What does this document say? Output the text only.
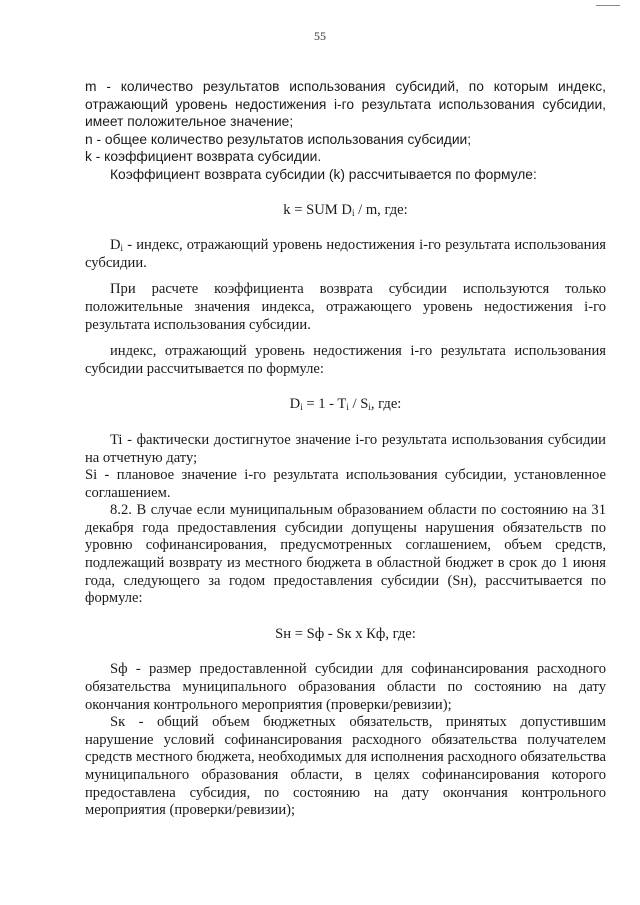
55

m - количество результатов использования субсидий, по которым индекс, отражающий уровень недостижения i-го результата использования субсидии, имеет положительное значение;

n - общее количество результатов использования субсидии;

k - коэффициент возврата субсидии.

Коэффициент возврата субсидии (k) рассчитывается по формуле:

k = SUM $D_i$ / m, где:

$D_i$ - индекс, отражающий уровень недостижения i-го результата использования субсидии.

При расчете коэффициента возврата субсидии используются только положительные значения индекса, отражающего уровень недостижения i-го результата использования субсидии.

индекс, отражающий уровень недостижения i-го результата использования субсидии рассчитывается по формуле:

$D_i = 1 - T_i / S_i$, где:

Ti - фактически достигнутое значение i-го результата использования субсидии на отчетную дату;

Si - плановое значение i-го результата использования субсидии, установленное соглашением.

8.2. В случае если муниципальным образованием области по состоянию на 31 декабря года предоставления субсидии допущены нарушения обязательств по уровню софинансирования, предусмотренных соглашением, объем средств, подлежащий возврату из местного бюджета в областной бюджет в срок до 1 июня года, следующего за годом предоставления субсидии (Sн), рассчитывается по формуле:

Sн = Sф - Sк х Кф, где:

Sф - размер предоставленной субсидии для софинансирования расходного обязательства муниципального образования области по состоянию на дату окончания контрольного мероприятия (проверки/ревизии);

Sк - общий объем бюджетных обязательств, принятых допустившим нарушение условий софинансирования расходного обязательства получателем средств местного бюджета, необходимых для исполнения расходного обязательства муниципального образования области, в целях софинансирования которого предоставлена субсидия, по состоянию на дату окончания контрольного мероприятия (проверки/ревизии);
